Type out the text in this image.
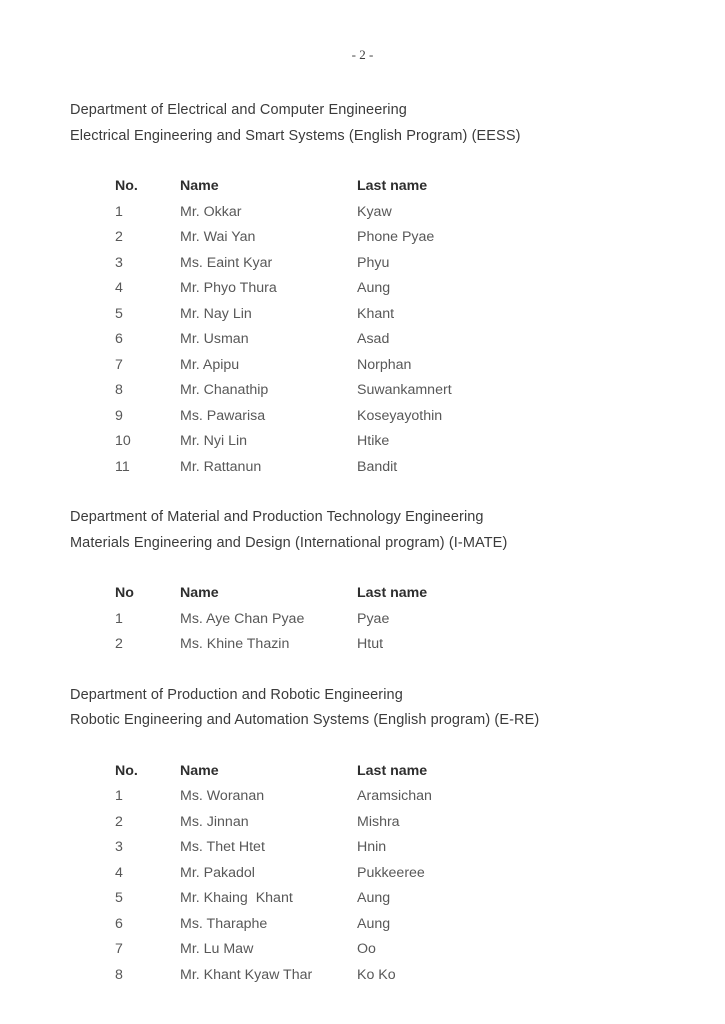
- 2 -
Department of Electrical and Computer Engineering
Electrical Engineering and Smart Systems (English Program) (EESS)
No.	Name	Last name
1	Mr. Okkar	Kyaw
2	Mr. Wai Yan	Phone Pyae
3	Ms. Eaint Kyar	Phyu
4	Mr. Phyo Thura	Aung
5	Mr. Nay Lin	Khant
6	Mr. Usman	Asad
7	Mr. Apipu	Norphan
8	Mr. Chanathip	Suwankamnert
9	Ms. Pawarisa	Koseyayothin
10	Mr. Nyi Lin	Htike
11	Mr. Rattanun	Bandit
Department of Material and Production Technology Engineering
Materials Engineering and Design (International program) (I-MATE)
No	Name	Last name
1	Ms. Aye Chan Pyae	Pyae
2	Ms. Khine Thazin	Htut
Department of Production and Robotic Engineering
Robotic Engineering and Automation Systems (English program) (E-RE)
No.	Name	Last name
1	Ms. Woranan	Aramsichan
2	Ms. Jinnan	Mishra
3	Ms. Thet Htet	Hnin
4	Mr. Pakadol	Pukkeeree
5	Mr. Khaing  Khant	Aung
6	Ms. Tharaphe	Aung
7	Mr. Lu Maw	Oo
8	Mr. Khant Kyaw Thar	Ko Ko
